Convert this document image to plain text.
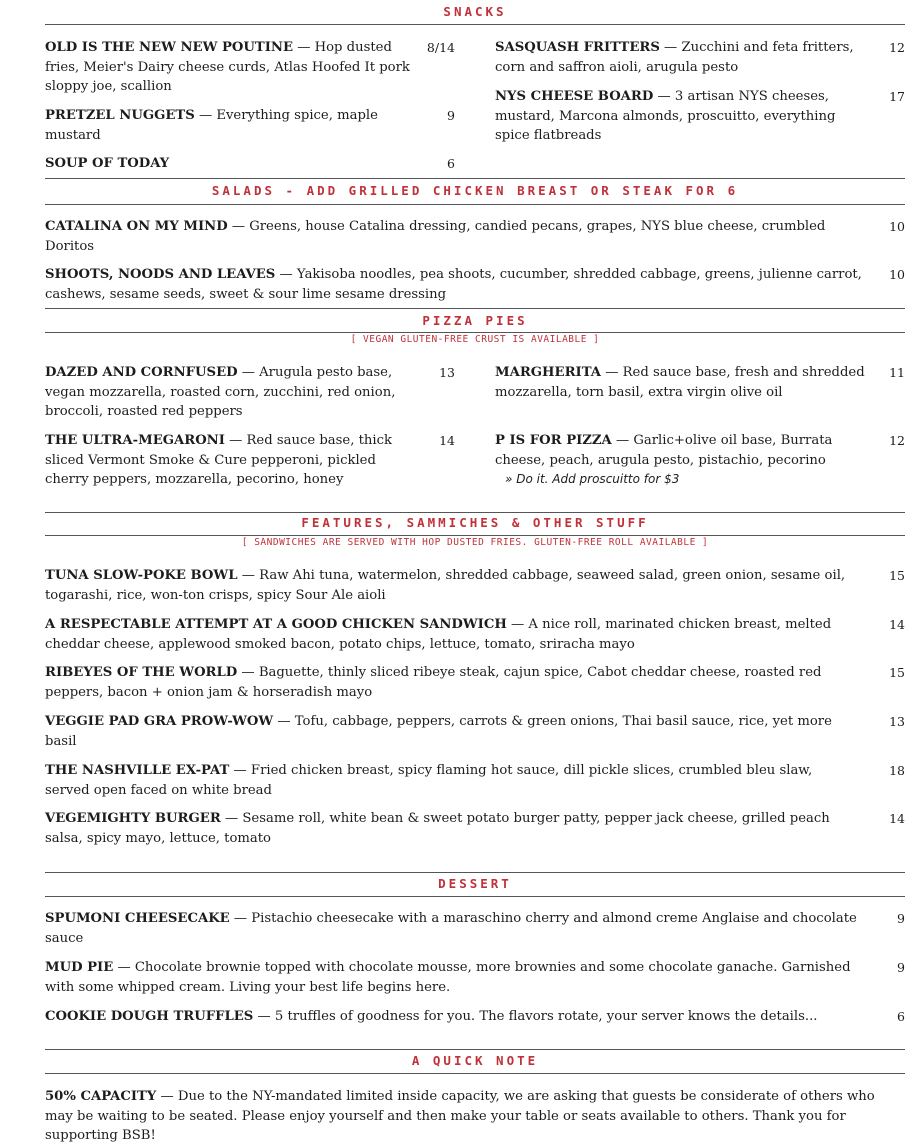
SNACKS
OLD IS THE NEW NEW POUTINE — Hop dusted fries, Meier's Dairy cheese curds, Atlas Hoofed It pork sloppy joe, scallion
8/14
PRETZEL NUGGETS — Everything spice, maple mustard
9
SOUP OF TODAY	6
SASQUASH FRITTERS — Zucchini and feta fritters, corn and saffron aioli, arugula pesto
12
NYS CHEESE BOARD — 3 artisan NYS cheeses, mustard, Marcona almonds, proscuitto, everything spice flatbreads
17
SALADS - ADD GRILLED CHICKEN BREAST OR STEAK FOR 6
CATALINA ON MY MIND — Greens, house Catalina dressing, candied pecans, grapes, NYS blue cheese, crumbled Doritos
10
SHOOTS, NOODS AND LEAVES — Yakisoba noodles, pea shoots, cucumber, shredded cabbage, greens, julienne carrot, cashews, sesame seeds, sweet & sour lime sesame dressing
10
PIZZA PIES
[ VEGAN GLUTEN-FREE CRUST IS AVAILABLE ]
DAZED AND CORNFUSED — Arugula pesto base, vegan mozzarella, roasted corn, zucchini, red onion, broccoli, roasted red peppers
13
THE ULTRA-MEGARONI — Red sauce base, thick sliced Vermont Smoke & Cure pepperoni, pickled cherry peppers, mozzarella, pecorino, honey
14
MARGHERITA — Red sauce base, fresh and shredded mozzarella, torn basil, extra virgin olive oil
11
P IS FOR PIZZA — Garlic+olive oil base, Burrata cheese, peach, arugula pesto, pistachio, pecorino
» Do it. Add proscuitto for $3
12
FEATURES, SAMMICHES & OTHER STUFF
[ SANDWICHES ARE SERVED WITH HOP DUSTED FRIES. GLUTEN-FREE ROLL AVAILABLE ]
TUNA SLOW-POKE BOWL — Raw Ahi tuna, watermelon, shredded cabbage, seaweed salad, green onion, sesame oil, togarashi, rice, won-ton crisps, spicy Sour Ale aioli
15
A RESPECTABLE ATTEMPT AT A GOOD CHICKEN SANDWICH — A nice roll, marinated chicken breast, melted cheddar cheese, applewood smoked bacon, potato chips, lettuce, tomato, sriracha mayo
14
RIBEYES OF THE WORLD — Baguette, thinly sliced ribeye steak, cajun spice, Cabot cheddar cheese, roasted red peppers, bacon + onion jam & horseradish mayo
15
VEGGIE PAD GRA PROW-WOW — Tofu, cabbage, peppers, carrots & green onions, Thai basil sauce, rice, yet more basil
13
THE NASHVILLE EX-PAT — Fried chicken breast, spicy flaming hot sauce, dill pickle slices, crumbled bleu slaw, served open faced on white bread
18
VEGEMIGHTY BURGER — Sesame roll, white bean & sweet potato burger patty, pepper jack cheese, grilled peach salsa, spicy mayo, lettuce, tomato
14
DESSERT
SPUMONI CHEESECAKE — Pistachio cheesecake with a maraschino cherry and almond creme Anglaise and chocolate sauce
9
MUD PIE — Chocolate brownie topped with chocolate mousse, more brownies and some chocolate ganache. Garnished with some whipped cream. Living your best life begins here.
9
COOKIE DOUGH TRUFFLES — 5 truffles of goodness for you. The flavors rotate, your server knows the details...	6
A QUICK NOTE
50% CAPACITY — Due to the NY-mandated limited inside capacity, we are asking that guests be considerate of others who may be waiting to be seated. Please enjoy yourself and then make your table or seats available to others. Thank you for supporting BSB!
